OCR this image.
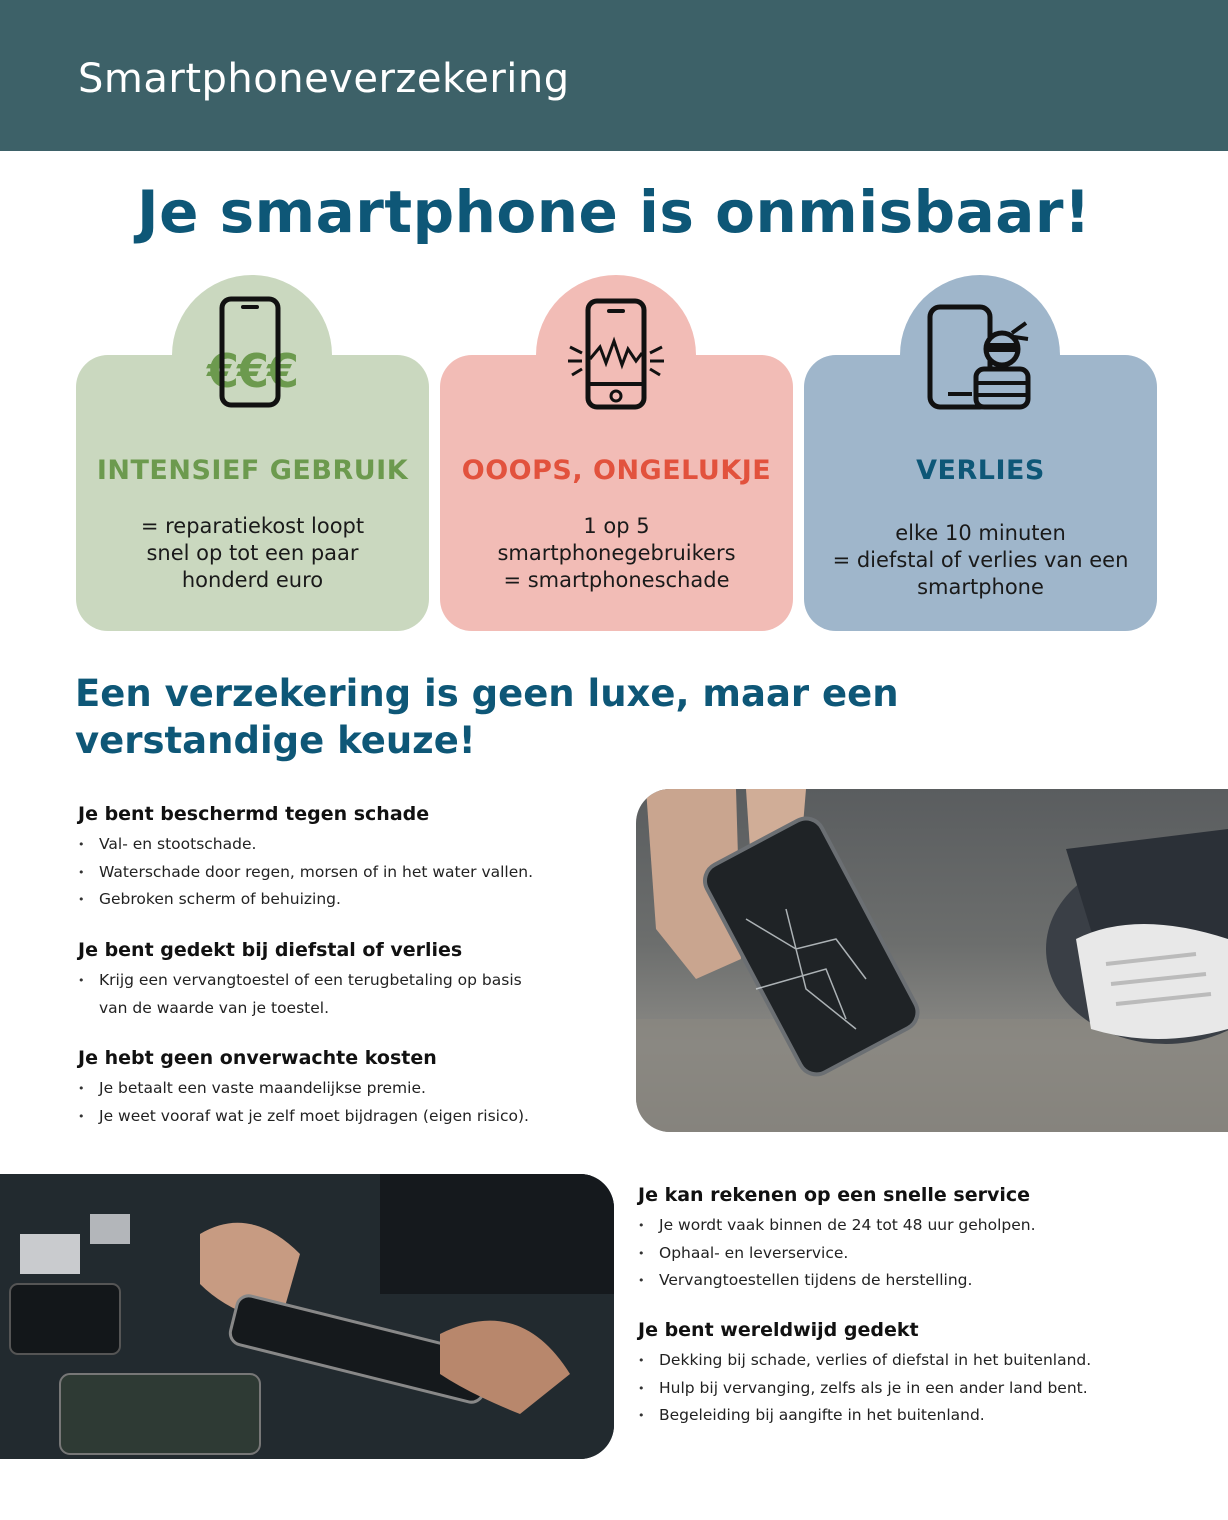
Smartphoneverzekering
Je smartphone is onmisbaar!
€€€
INTENSIEF GEBRUIK
= reparatiekost loopt
snel op tot een paar
honderd euro
OOOPS, ONGELUKJE
1 op 5
smartphonegebruikers
= smartphoneschade
VERLIES
elke 10 minuten
= diefstal of verlies van een
smartphone
Een verzekering is geen luxe, maar een
verstandige keuze!
Je bent beschermd tegen schade
• Val- en stootschade.
• Waterschade door regen, morsen of in het water vallen.
• Gebroken scherm of behuizing.
Je bent gedekt bij diefstal of verlies
• Krijg een vervangtoestel of een terugbetaling op basis
van de waarde van je toestel.
Je hebt geen onverwachte kosten
• Je betaalt een vaste maandelijkse premie.
• Je weet vooraf wat je zelf moet bijdragen (eigen risico).
Je kan rekenen op een snelle service
• Je wordt vaak binnen de 24 tot 48 uur geholpen.
• Ophaal- en leverservice.
• Vervangtoestellen tijdens de herstelling.
Je bent wereldwijd gedekt
• Dekking bij schade, verlies of diefstal in het buitenland.
• Hulp bij vervanging, zelfs als je in een ander land bent.
• Begeleiding bij aangifte in het buitenland.
